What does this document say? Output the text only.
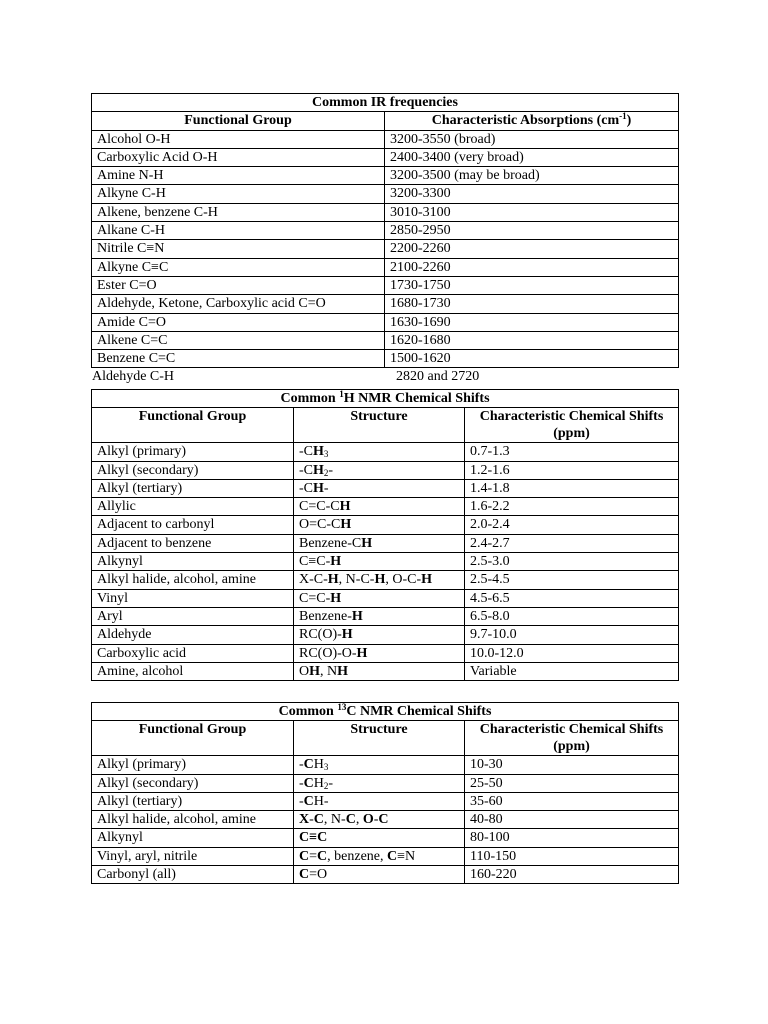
Common IR frequencies	
Functional Group	Characteristic Absorptions $(cm^{-1})$
Alcohol O-H	3200-3550 (broad)
Carboxylic Acid O-H	2400-3400 (very broad)
Amine N-H	3200-3500 (may be broad)
Alkyne C-H	3200-3300
Alkene, benzene C-H	3010-3100
Alkane C-H	2850-2950
Nitrile C≡N	2200-2260
Alkyne C≡C	2100-2260
Ester C=O	1730-1750
Aldehyde, Ketone, Carboxylic acid C=O	1680-1730
Amide C=O	1630-1690
Alkene C=C	1620-1680
Benzene C=C	1500-1620
Aldehyde C-H	2820 and 2720
Common $^1$H NMR Chemical Shifts		
Functional Group	Structure	Characteristic Chemical Shifts (ppm)
Alkyl (primary)	$-CH_3$	0.7-1.3
Alkyl (secondary)	$-CH_2-$	1.2-1.6
Alkyl (tertiary)	-CH-	1.4-1.8
Allylic	C=C-CH	1.6-2.2
Adjacent to carbonyl	O=C-CH	2.0-2.4
Adjacent to benzene	Benzene-CH	2.4-2.7
Alkynyl	C≡C-H	2.5-3.0
Alkyl halide, alcohol, amine	X-C-H, N-C-H, O-C-H	2.5-4.5
Vinyl	C=C-H	4.5-6.5
Aryl	Benzene-H	6.5-8.0
Aldehyde	RC(O)-H	9.7-10.0
Carboxylic acid	RC(O)-O-H	10.0-12.0
Amine, alcohol	OH, NH	Variable
Common $^{13}$C NMR Chemical Shifts		
Functional Group	Structure	Characteristic Chemical Shifts (ppm)
Alkyl (primary)	$-CH_3$	10-30
Alkyl (secondary)	$-CH_2-$	25-50
Alkyl (tertiary)	-CH-	35-60
Alkyl halide, alcohol, amine	X-C, N-C, O-C	40-80
Alkynyl	C≡C	80-100
Vinyl, aryl, nitrile	C=C, benzene, C≡N	110-150
Carbonyl (all)	C=O	160-220
